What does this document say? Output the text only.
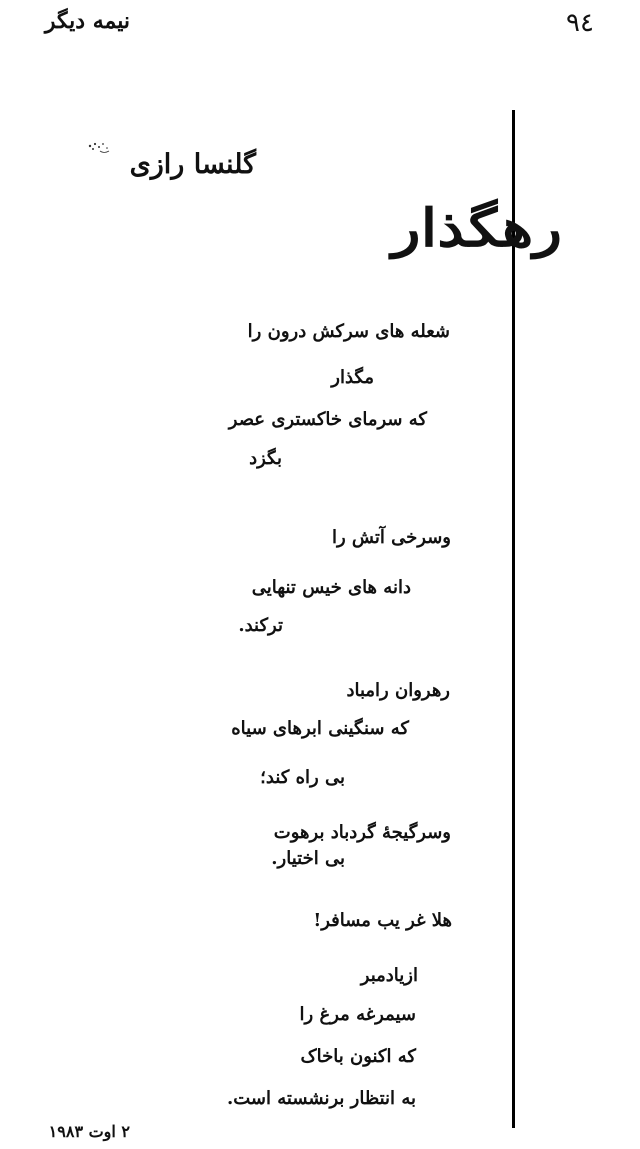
۹٤
نیمه دیگر
گلنسا رازی
رهگذار
شعله های سرکش درون را
مگذار
که سرمای خاکستری عصر
بگزد
وسرخی آتش را
دانه های خیس تنهایی
ترکند.
رهروان رامباد
که سنگینی ابرهای سیاه
بی راه کند؛
وسرگیجهٔ گردباد برهوت
بی اختیار.
هلا غر یب مسافر!
ازیادمبر
سیمرغه مرغ را
که اکنون باخاک
به انتظار برنشسته است.
۲ اوت ۱۹۸۳
